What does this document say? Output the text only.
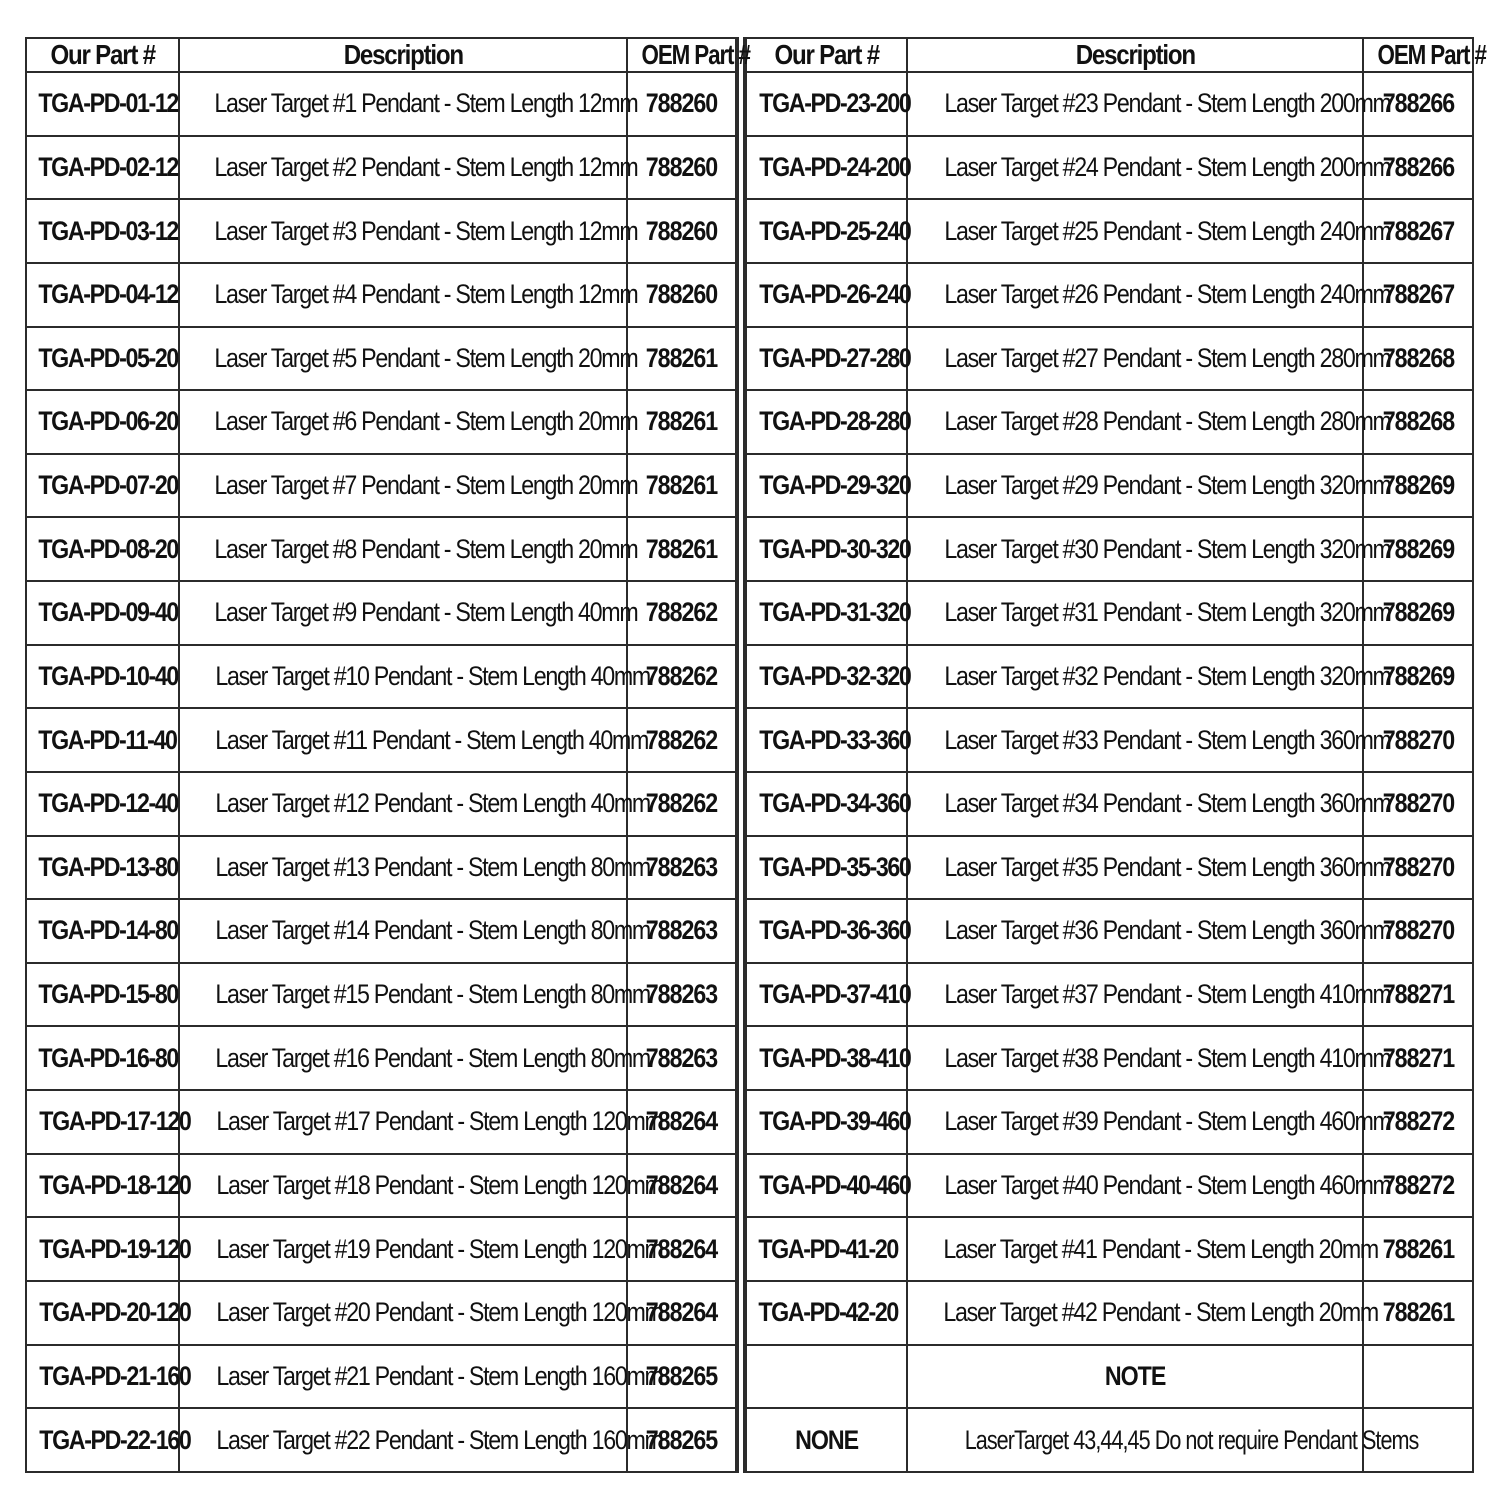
Our Part #	Description	OEM Part #
TGA-PD-01-12	Laser Target #1 Pendant - Stem Length 12mm	788260
TGA-PD-02-12	Laser Target #2 Pendant - Stem Length 12mm	788260
TGA-PD-03-12	Laser Target #3 Pendant - Stem Length 12mm	788260
TGA-PD-04-12	Laser Target #4 Pendant - Stem Length 12mm	788260
TGA-PD-05-20	Laser Target #5 Pendant - Stem Length 20mm	788261
TGA-PD-06-20	Laser Target #6 Pendant - Stem Length 20mm	788261
TGA-PD-07-20	Laser Target #7 Pendant - Stem Length 20mm	788261
TGA-PD-08-20	Laser Target #8 Pendant - Stem Length 20mm	788261
TGA-PD-09-40	Laser Target #9 Pendant - Stem Length 40mm	788262
TGA-PD-10-40	Laser Target #10 Pendant - Stem Length 40mm	788262
TGA-PD-11-40	Laser Target #11 Pendant - Stem Length 40mm	788262
TGA-PD-12-40	Laser Target #12 Pendant - Stem Length 40mm	788262
TGA-PD-13-80	Laser Target #13 Pendant - Stem Length 80mm	788263
TGA-PD-14-80	Laser Target #14 Pendant - Stem Length 80mm	788263
TGA-PD-15-80	Laser Target #15 Pendant - Stem Length 80mm	788263
TGA-PD-16-80	Laser Target #16 Pendant - Stem Length 80mm	788263
TGA-PD-17-120	Laser Target #17 Pendant - Stem Length 120mm	788264
TGA-PD-18-120	Laser Target #18 Pendant - Stem Length 120mm	788264
TGA-PD-19-120	Laser Target #19 Pendant - Stem Length 120mm	788264
TGA-PD-20-120	Laser Target #20 Pendant - Stem Length 120mm	788264
TGA-PD-21-160	Laser Target #21 Pendant - Stem Length 160mm	788265
TGA-PD-22-160	Laser Target #22 Pendant - Stem Length 160mm	788265
Our Part #	Description	OEM Part #
TGA-PD-23-200	Laser Target #23 Pendant - Stem Length 200mm	788266
TGA-PD-24-200	Laser Target #24 Pendant - Stem Length 200mm	788266
TGA-PD-25-240	Laser Target #25 Pendant - Stem Length 240mm	788267
TGA-PD-26-240	Laser Target #26 Pendant - Stem Length 240mm	788267
TGA-PD-27-280	Laser Target #27 Pendant - Stem Length 280mm	788268
TGA-PD-28-280	Laser Target #28 Pendant - Stem Length 280mm	788268
TGA-PD-29-320	Laser Target #29 Pendant - Stem Length 320mm	788269
TGA-PD-30-320	Laser Target #30 Pendant - Stem Length 320mm	788269
TGA-PD-31-320	Laser Target #31 Pendant - Stem Length 320mm	788269
TGA-PD-32-320	Laser Target #32 Pendant - Stem Length 320mm	788269
TGA-PD-33-360	Laser Target #33 Pendant - Stem Length 360mm	788270
TGA-PD-34-360	Laser Target #34 Pendant - Stem Length 360mm	788270
TGA-PD-35-360	Laser Target #35 Pendant - Stem Length 360mm	788270
TGA-PD-36-360	Laser Target #36 Pendant - Stem Length 360mm	788270
TGA-PD-37-410	Laser Target #37 Pendant - Stem Length 410mm	788271
TGA-PD-38-410	Laser Target #38 Pendant - Stem Length 410mm	788271
TGA-PD-39-460	Laser Target #39 Pendant - Stem Length 460mm	788272
TGA-PD-40-460	Laser Target #40 Pendant - Stem Length 460mm	788272
TGA-PD-41-20	Laser Target #41 Pendant - Stem Length 20mm	788261
TGA-PD-42-20	Laser Target #42 Pendant - Stem Length 20mm	788261
	NOTE	
NONE	LaserTarget 43,44,45 Do not require Pendant Stems	
